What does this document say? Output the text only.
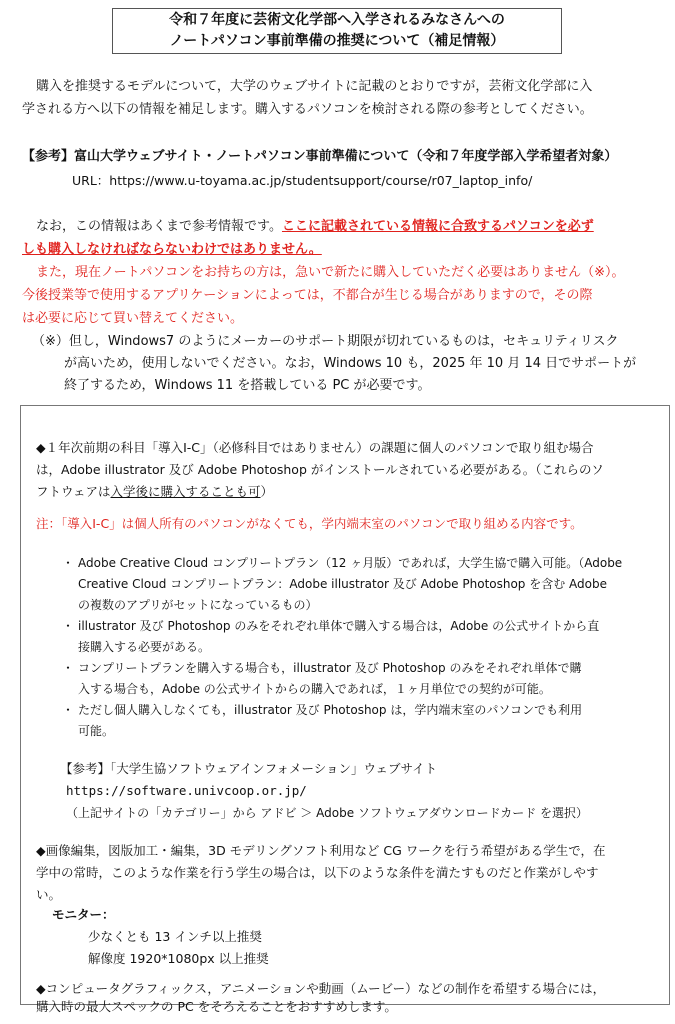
令和７年度に芸術文化学部へ入学されるみなさんへの
ノートパソコン事前準備の推奨について（補足情報）
購入を推奨するモデルについて，大学のウェブサイトに記載のとおりですが，芸術文化学部に入
学される方へ以下の情報を補足します。購入するパソコンを検討される際の参考としてください。
【参考】富山大学ウェブサイト・ノートパソコン事前準備について（令和７年度学部入学希望者対象）
URL：https://www.u-toyama.ac.jp/studentsupport/course/r07_laptop_info/
なお，この情報はあくまで参考情報です。ここに記載されている情報に合致するパソコンを必ず
しも購入しなければならないわけではありません。
また，現在ノートパソコンをお持ちの方は，急いで新たに購入していただく必要はありません（※）。
今後授業等で使用するアプリケーションによっては，不都合が生じる場合がありますので，その際
は必要に応じて買い替えてください。
（※）但し，Windows7 のようにメーカーのサポート期限が切れているものは，セキュリティリスク
が高いため，使用しないでください。なお，Windows 10 も，2025 年 10 月 14 日でサポートが
終了するため，Windows 11 を搭載している PC が必要です。
◆１年次前期の科目「導入Ⅰ-C」（必修科目ではありません）の課題に個人のパソコンで取り組む場合
は，Adobe illustrator 及び Adobe Photoshop がインストールされている必要がある。（これらのソ
フトウェアは入学後に購入することも可）
注：「導入Ⅰ-C」は個人所有のパソコンがなくても，学内端末室のパソコンで取り組める内容です。
・ Adobe Creative Cloud コンプリートプラン（12 ヶ月版）であれば，大学生協で購入可能。（Adobe
Creative Cloud コンプリートプラン：Adobe illustrator 及び Adobe Photoshop を含む Adobe
の複数のアプリがセットになっているもの）
・ illustrator 及び Photoshop のみをそれぞれ単体で購入する場合は，Adobe の公式サイトから直
接購入する必要がある。
・ コンプリートプランを購入する場合も，illustrator 及び Photoshop のみをそれぞれ単体で購
入する場合も，Adobe の公式サイトからの購入であれば，１ヶ月単位での契約が可能。
・ ただし個人購入しなくても，illustrator 及び Photoshop は，学内端末室のパソコンでも利用
可能。
【参考】「大学生協ソフトウェアインフォメーション」ウェブサイト
https://software.univcoop.or.jp/
（上記サイトの「カテゴリー」から アドビ ＞ Adobe ソフトウェアダウンロードカード を選択）
◆画像編集，図版加工・編集，3D モデリングソフト利用など CG ワークを行う希望がある学生で，在
学中の常時，このような作業を行う学生の場合は，以下のような条件を満たすものだと作業がしやす
い。
モニター：
少なくとも 13 インチ以上推奨
解像度 1920*1080px 以上推奨
◆コンピュータグラフィックス，アニメーションや動画（ムービー）などの制作を希望する場合には，
購入時の最大スペックの PC をそろえることをおすすめします。
